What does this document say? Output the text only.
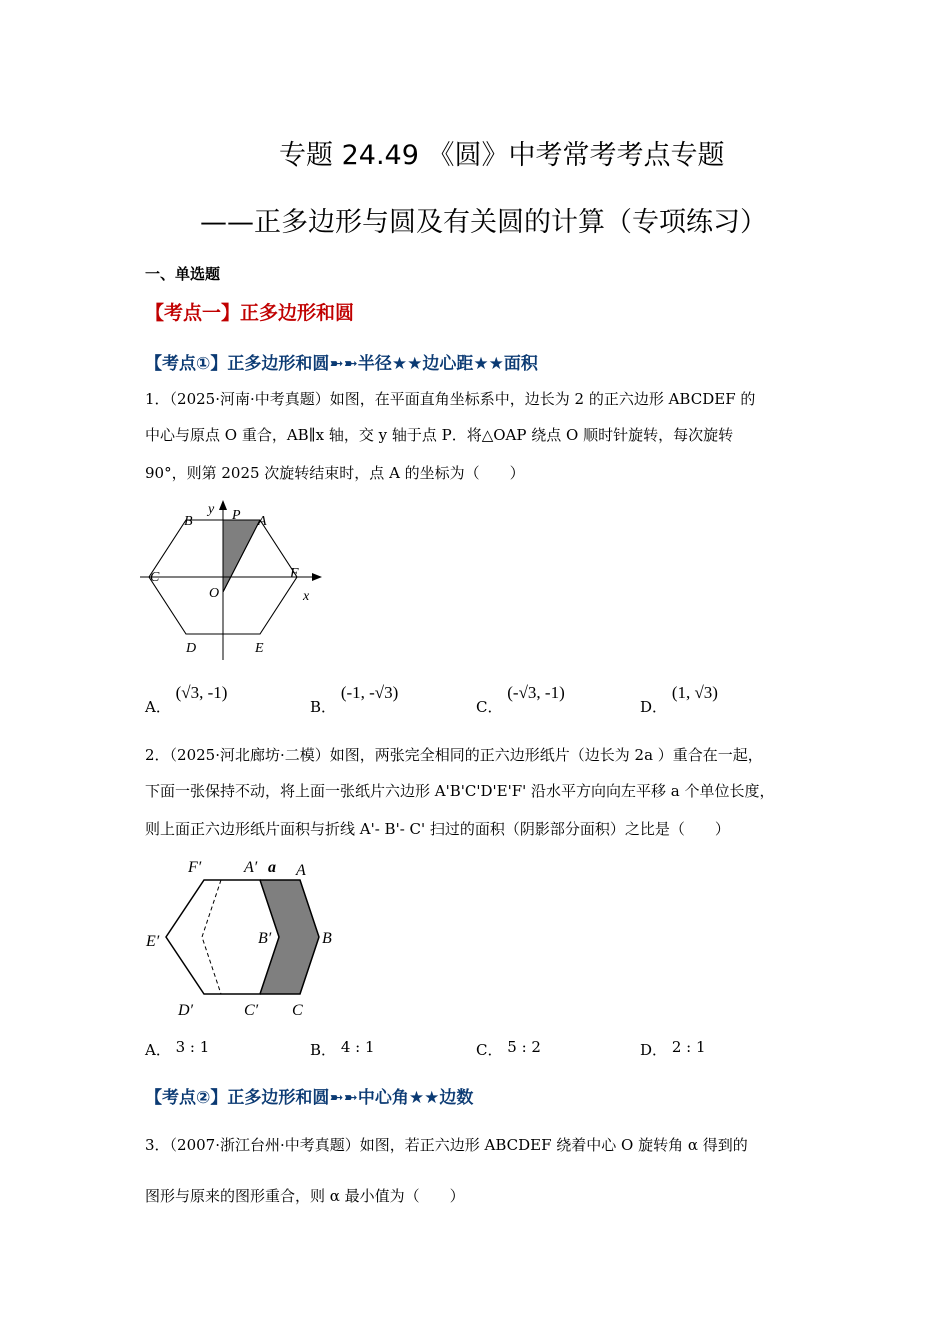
专题 24.49 《圆》中考常考考点专题
——正多边形与圆及有关圆的计算（专项练习）
一、单选题
【考点一】正多边形和圆
【考点①】正多边形和圆➼➼半径★★边心距★★面积
1．（2025·河南·中考真题）如图，在平面直角坐标系中，边长为 2 的正六边形 ABCDEF 的
中心与原点 O 重合，AB∥x 轴，交 y 轴于点 P．将△OAP 绕点 O 顺时针旋转，每次旋转
90°，则第 2025 次旋转结束时，点 A 的坐标为（　　）
B
y P A
C	F
O	x
D	E
A． (√3, -1)
B． (-1, -√3)
C． (-√3, -1)
D． (1, √3)
2．（2025·河北廊坊·二模）如图，两张完全相同的正六边形纸片（边长为 2a ）重合在一起，
下面一张保持不动，将上面一张纸片六边形 A'B'C'D'E'F' 沿水平方向向左平移 a 个单位长度，
则上面正六边形纸片面积与折线 A'- B'- C' 扫过的面积（阴影部分面积）之比是（　　）
F′	A′ a A
E′	B′	B
D′	C′ C
A． 3 : 1	B． 4 : 1	C． 5 : 2	D． 2 : 1
【考点②】正多边形和圆➼➼中心角★★边数
3．（2007·浙江台州·中考真题）如图，若正六边形 ABCDEF 绕着中心 O 旋转角 α 得到的
图形与原来的图形重合，则 α 最小值为（　　）
